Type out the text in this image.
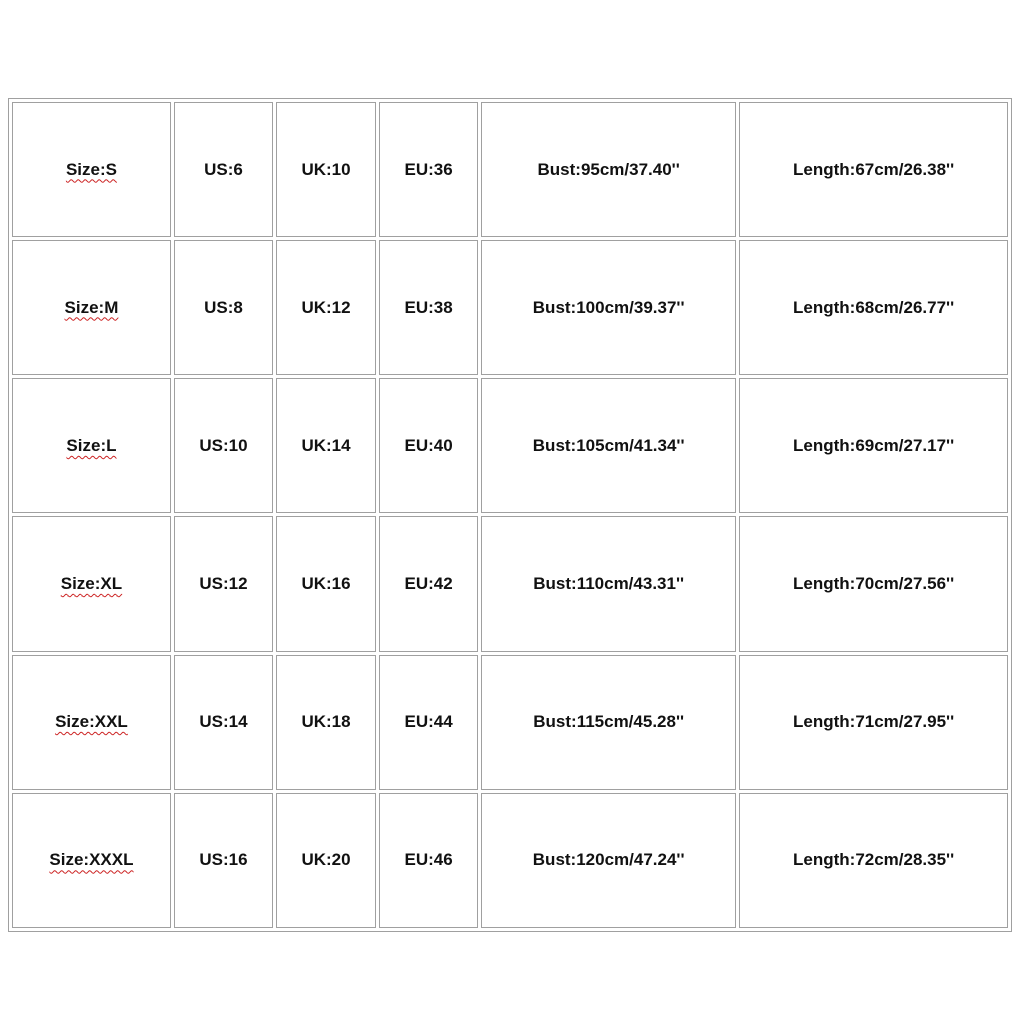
Size:S	US:6	UK:10	EU:36	Bust:95cm/37.40''	Length:67cm/26.38''
Size:M	US:8	UK:12	EU:38	Bust:100cm/39.37''	Length:68cm/26.77''
Size:L	US:10	UK:14	EU:40	Bust:105cm/41.34''	Length:69cm/27.17''
Size:XL	US:12	UK:16	EU:42	Bust:110cm/43.31''	Length:70cm/27.56''
Size:XXL	US:14	UK:18	EU:44	Bust:115cm/45.28''	Length:71cm/27.95''
Size:XXXL	US:16	UK:20	EU:46	Bust:120cm/47.24''	Length:72cm/28.35''
